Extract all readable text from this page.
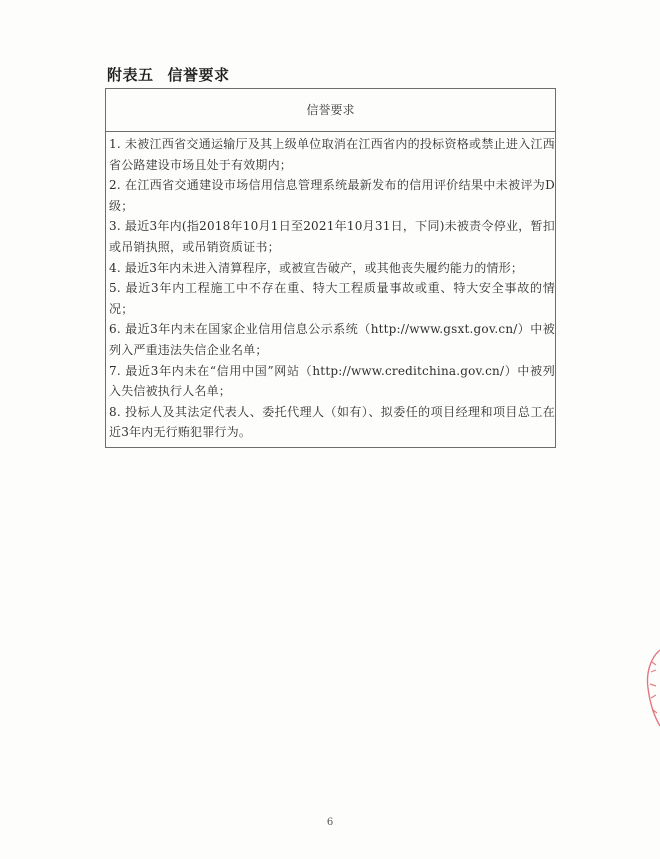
附表五 信誉要求
信誉要求
1. 未被江西省交通运输厅及其上级单位取消在江西省内的投标资格或禁止进入江西省公路建设市场且处于有效期内；
2. 在江西省交通建设市场信用信息管理系统最新发布的信用评价结果中未被评为D级；
3. 最近3年内(指2018年10月1日至2021年10月31日，下同)未被责令停业，暂扣或吊销执照，或吊销资质证书；
4. 最近3年内未进入清算程序，或被宣告破产，或其他丧失履约能力的情形；
5. 最近3年内工程施工中不存在重、特大工程质量事故或重、特大安全事故的情况；
6. 最近3年内未在国家企业信用信息公示系统（http://www.gsxt.gov.cn/）中被列入严重违法失信企业名单；
7. 最近3年内未在“信用中国”网站（http://www.creditchina.gov.cn/）中被列入失信被执行人名单；
8. 投标人及其法定代表人、委托代理人（如有）、拟委任的项目经理和项目总工在近3年内无行贿犯罪行为。
6
